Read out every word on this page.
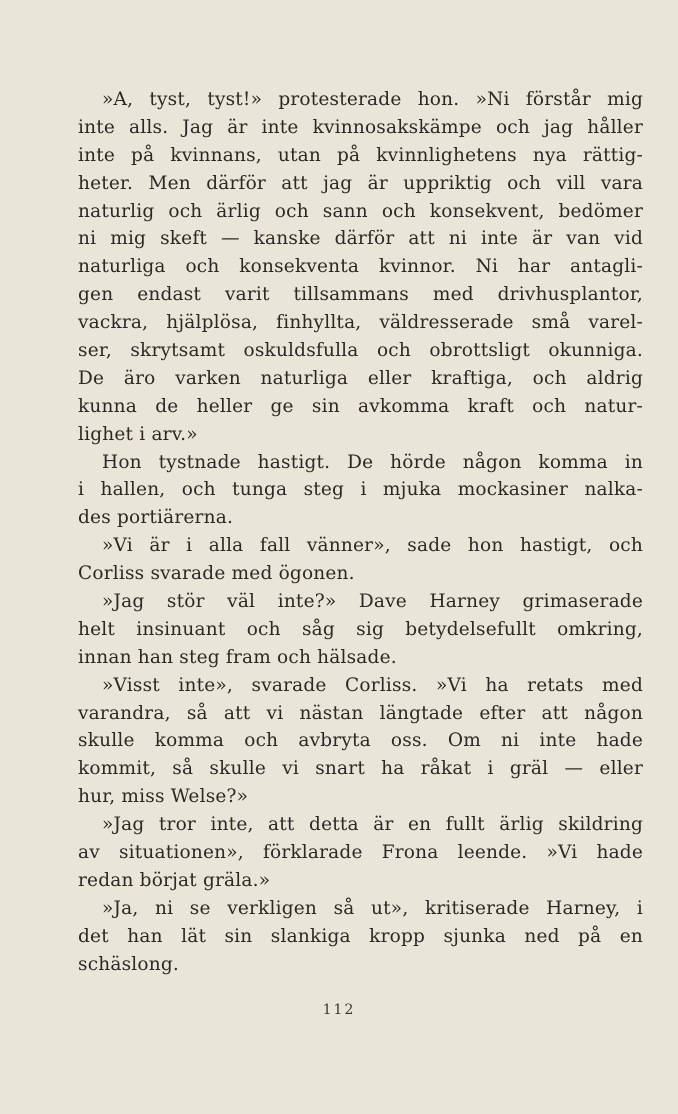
»A, tyst, tyst!» protesterade hon. »Ni förstår mig
inte alls. Jag är inte kvinnosakskämpe och jag håller
inte på kvinnans, utan på kvinnlighetens nya rättig-
heter. Men därför att jag är uppriktig och vill vara
naturlig och ärlig och sann och konsekvent, bedömer
ni mig skeft — kanske därför att ni inte är van vid
naturliga och konsekventa kvinnor. Ni har antagli-
gen endast varit tillsammans med drivhusplantor,
vackra, hjälplösa, finhyllta, väldresserade små varel-
ser, skrytsamt oskuldsfulla och obrottsligt okunniga.
De äro varken naturliga eller kraftiga, och aldrig
kunna de heller ge sin avkomma kraft och natur-
lighet i arv.»
Hon tystnade hastigt. De hörde någon komma in
i hallen, och tunga steg i mjuka mockasiner nalka-
des portiärerna.
»Vi är i alla fall vänner», sade hon hastigt, och
Corliss svarade med ögonen.
»Jag stör väl inte?» Dave Harney grimaserade
helt insinuant och såg sig betydelsefullt omkring,
innan han steg fram och hälsade.
»Visst inte», svarade Corliss. »Vi ha retats med
varandra, så att vi nästan längtade efter att någon
skulle komma och avbryta oss. Om ni inte hade
kommit, så skulle vi snart ha råkat i gräl — eller
hur, miss Welse?»
»Jag tror inte, att detta är en fullt ärlig skildring
av situationen», förklarade Frona leende. »Vi hade
redan börjat gräla.»
»Ja, ni se verkligen så ut», kritiserade Harney, i
det han lät sin slankiga kropp sjunka ned på en
schäslong.
112
